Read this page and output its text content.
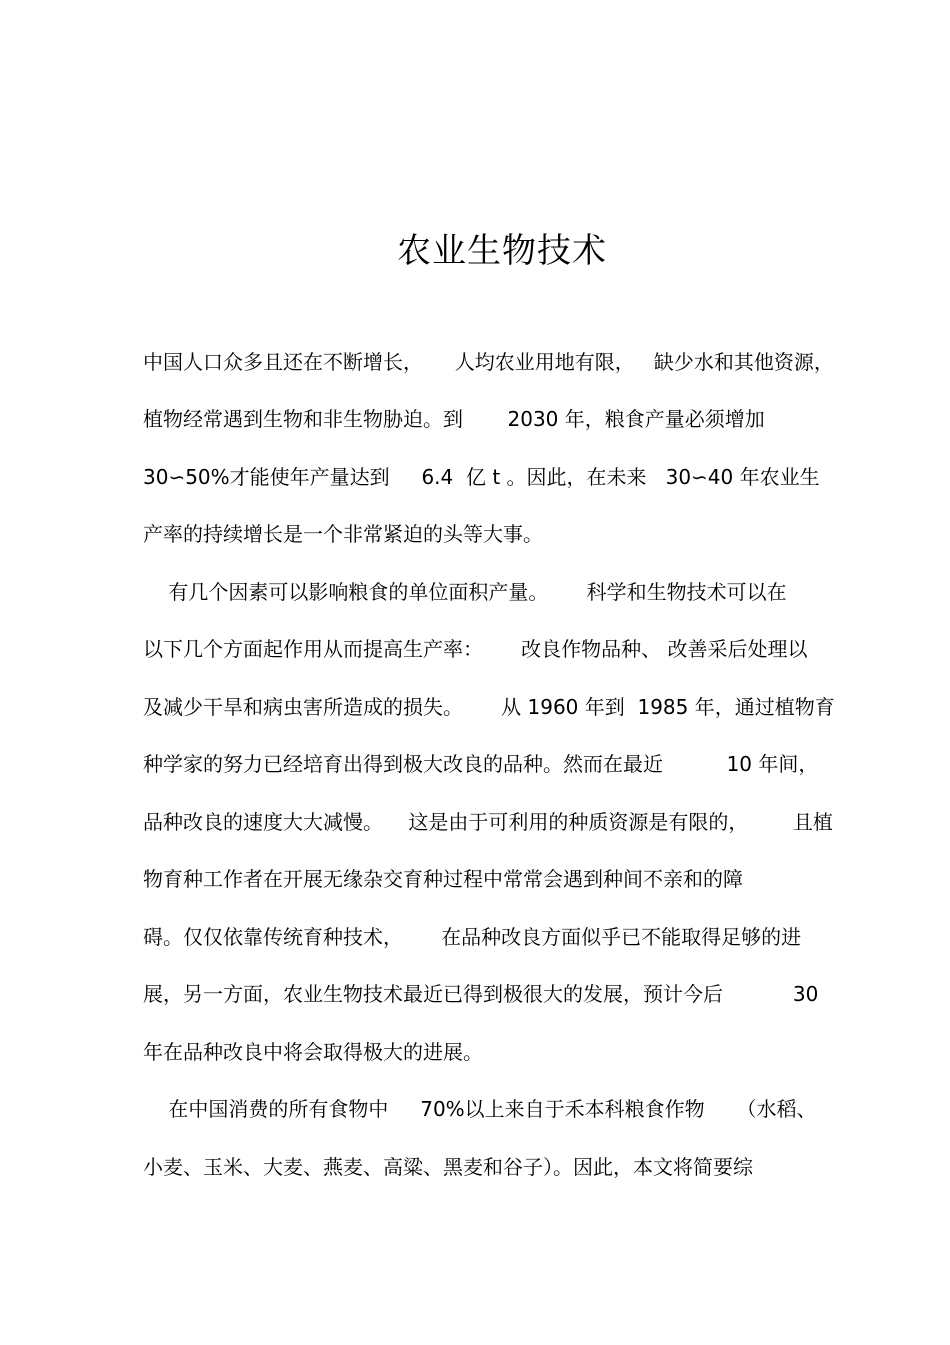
农业生物技术

中国人口众多且还在不断增长，     人均农业用地有限，   缺少水和其他资源，

植物经常遇到生物和非生物胁迫。到       2030 年，粮食产量必须增加

30∽50%才能使年产量达到     6.4  亿 t 。因此，在未来   30∽40 年农业生

产率的持续增长是一个非常紧迫的头等大事。

有几个因素可以影响粮食的单位面积产量。      科学和生物技术可以在

以下几个方面起作用从而提高生产率：      改良作物品种、 改善采后处理以

及减少干旱和病虫害所造成的损失。      从 1960 年到  1985 年，通过植物育

种学家的努力已经培育出得到极大改良的品种。然而在最近          10 年间，

品种改良的速度大大减慢。    这是由于可利用的种质资源是有限的，       且植

物育种工作者在开展无缘杂交育种过程中常常会遇到种间不亲和的障

碍。仅仅依靠传统育种技术，      在品种改良方面似乎已不能取得足够的进

展，另一方面，农业生物技术最近已得到极很大的发展，预计今后           30

年在品种改良中将会取得极大的进展。

在中国消费的所有食物中     70%以上来自于禾本科粮食作物     （水稻、

小麦、玉米、大麦、燕麦、高粱、黑麦和谷子）。因此，本文将简要综
